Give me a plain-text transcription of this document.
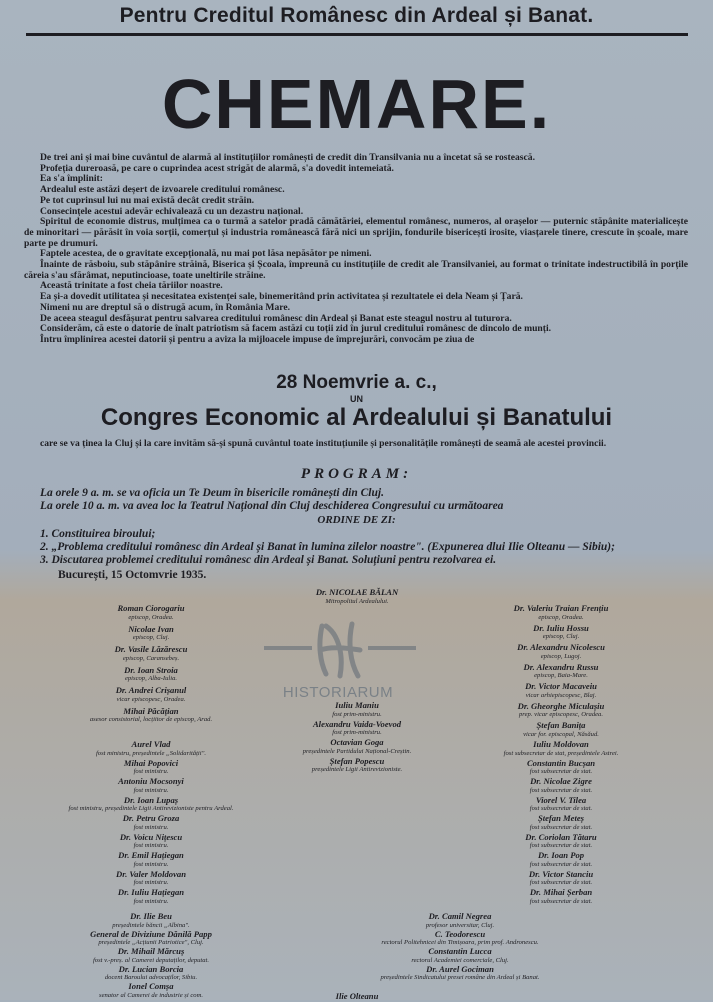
Pentru Creditul Românesc din Ardeal și Banat.
CHEMARE.

De trei ani și mai bine cuvântul de alarmă al instituțiilor românești de credit din Transilvania nu a încetat să se rostească.

Profeția dureroasă, pe care o cuprindea acest strigăt de alarmă, s'a dovedit intemeiată.

Ea s'a împlinit:

Ardealul este astăzi deșert de izvoarele creditului românesc.

Pe tot cuprinsul lui nu mai există decât credit străin.

Consecințele acestui adevăr echivalează cu un dezastru național.

Spiritul de economie distrus, mulțimea ca o turmă a satelor pradă cămătăriei, elementul românesc, numeros, al orașelor — puternic stăpânite materialicește de minoritari — părăsit în voia sorții, comerțul și industria românească fără nici un sprijin, fondurile bisericești irosite, viasțarele tinere, crescute în școale, mare parte pe drumuri.

Faptele acestea, de o gravitate excepțională, nu mai pot lăsa nepăsător pe nimeni.

Înainte de răsboiu, sub stăpânire străină, Biserica și Școala, împreună cu instituțiile de credit ale Transilvaniei, au format o trinitate indestructibilă în porțile căreia s'au sfărâmat, neputincioase, toate uneltirile străine.

Această trinitate a fost cheia tăriilor noastre.

Ea și-a dovedit utilitatea și necesitatea existenței sale, binemeritând prin activitatea și rezultatele ei dela Neam și Țară.

Nimeni nu are dreptul să o distrugă acum, în România Mare.

De aceea steagul desfășurat pentru salvarea creditului românesc din Ardeal și Banat este steagul nostru al tuturora.

Considerăm, că este o datorie de înalt patriotism să facem astăzi cu toții zid în jurul creditului românesc de dincolo de munți.

Întru împlinirea acestei datorii și pentru a aviza la mijloacele impuse de împrejurări, convocăm pe ziua de

28 Noemvrie a. c.,
UN
Congres Economic al Ardealului și Banatului
care se va ținea la Cluj și la care invităm să-și spună cuvântul toate instituțiunile și personalitățile românești de seamă ale acestei provincii.
PROGRAM:
La orele 9 a. m. se va oficia un Te Deum în bisericile românești din Cluj.
La orele 10 a. m. va avea loc la Teatrul Național din Cluj deschiderea Congresului cu următoarea
ORDINE DE ZI:
1. Constituirea biroului;
2. „Problema creditului românesc din Ardeal și Banat în lumina zilelor noastre". (Expunerea dlui Ilie Olteanu — Sibiu);
3. Discutarea problemei creditului românesc din Ardeal și Banat. Soluțiuni pentru rezolvarea ei.
București, 15 Octomvrie 1935.
Dr. NICOLAE BĂLAN
Mitropolitul Ardealului.
HISTORIARUM
Roman Ciorogariu
episcop, Oradea.
Nicolae Ivan
episcop, Cluj.
Dr. Vasile Lăzărescu
episcop, Caransebeș.
Dr. Ioan Stroia
episcop, Alba-Iulia.
Dr. Andrei Crișanul
vicar episcopesc, Oradea.
Mihai Păcățian
asesor consistorial, locțiitor de episcop, Arad.
Dr. Valeriu Traian Frențiu
episcop, Oradea.
Dr. Iuliu Hossu
episcop, Cluj.
Dr. Alexandru Nicolescu
episcop, Lugoj.
Dr. Alexandru Russu
episcop, Baia-Mare.
Dr. Victor Macaveiu
vicar arhiepiscopesc, Blaj.
Dr. Gheorghe Miculașiu
prep. vicar episcopesc, Oradea.
Ștefan Banița
vicar for. episcopal, Năsăud.
Iuliu Maniu
fost prim-ministru.
Alexandru Vaida-Voevod
fost prim-ministru.
Octavian Goga
președintele Partidului Național-Creștin.
Ștefan Popescu
președintele Ligii Antirevizioniste.
Aurel Vlad
fost ministru, președintele „Solidarității".
Mihai Popovici
fost ministru.
Antoniu Mocsonyi
fost ministru.
Dr. Ioan Lupaș
fost ministru, președintele Ligii Antirevizioniste pentru Ardeal.
Dr. Petru Groza
fost ministru.
Dr. Voicu Nițescu
fost ministru.
Dr. Emil Hațiegan
fost ministru.
Dr. Valer Moldovan
fost ministru.
Dr. Iuliu Hațiegan
fost ministru.
Iuliu Moldovan
fost subsecretar de stat, președintele Astrei.
Constantin Bucșan
fost subsecretar de stat.
Dr. Nicolae Zigre
fost subsecretar de stat.
Viorel V. Tilea
fost subsecretar de stat.
Ștefan Meteș
fost subsecretar de stat.
Dr. Coriolan Tătaru
fost subsecretar de stat.
Dr. Ioan Pop
fost subsecretar de stat.
Dr. Victor Stanciu
fost subsecretar de stat.
Dr. Mihai Șerban
fost subsecretar de stat.
Dr. Ilie Beu
președintele băncii „Albina".
General de Diviziune Dănilă Papp
președintele „Acțiunii Patriotice", Cluj.
Dr. Mihail Mărcuș
fost v.-preș. al Camerei deputaților, deputat.
Dr. Lucian Borcia
docent Baroului advocaților, Sibiu.
Ionel Comșa
senator al Camerei de industrie și com.
Dr. Camil Negrea
profesor universitar, Cluj.
C. Teodorescu
rectorul Politehnicei din Timișoara, prim prof. Andronescu.
Constantin Lucca
rectorul Academiei comerciale, Cluj.
Dr. Aurel Gociman
președintele Sindicatului presei române din Ardeal și Banat.
Ilie Olteanu
